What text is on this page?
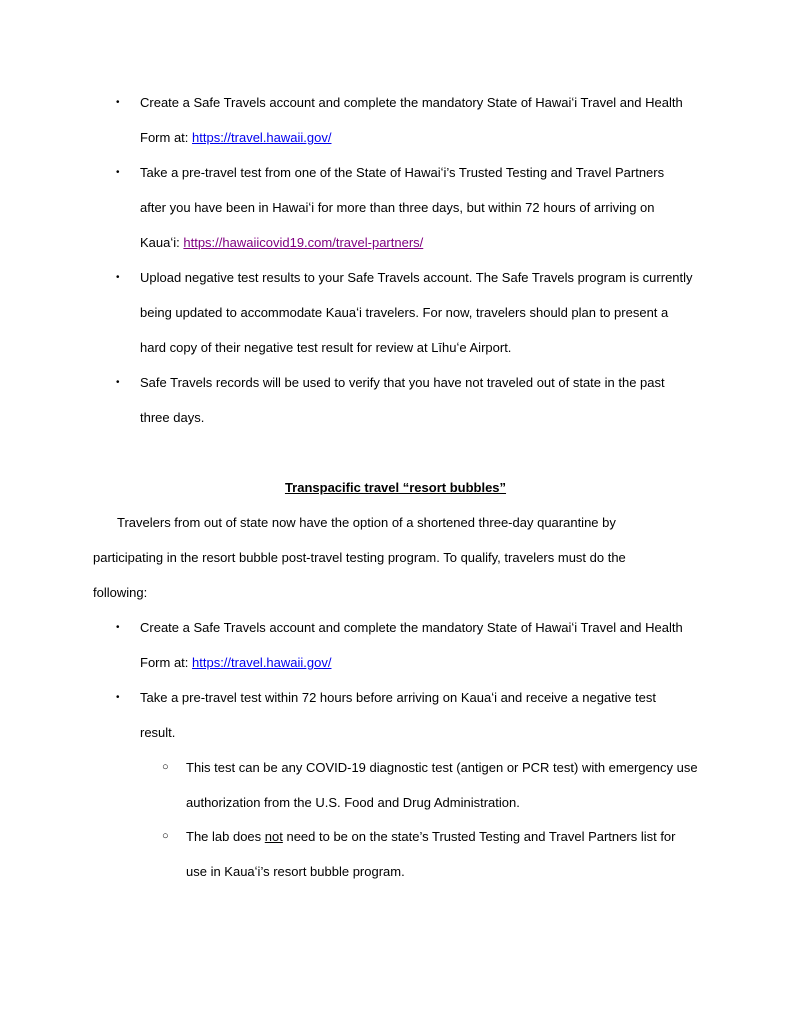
• Create a Safe Travels account and complete the mandatory State of Hawaiʻi Travel and Health
Form at: https://travel.hawaii.gov/
• Take a pre-travel test from one of the State of Hawaiʻi’s Trusted Testing and Travel Partners
after you have been in Hawaiʻi for more than three days, but within 72 hours of arriving on
Kauaʻi: https://hawaiicovid19.com/travel-partners/
• Upload negative test results to your Safe Travels account. The Safe Travels program is currently
being updated to accommodate Kauaʻi travelers. For now, travelers should plan to present a
hard copy of their negative test result for review at Līhuʻe Airport.
• Safe Travels records will be used to verify that you have not traveled out of state in the past
three days.
Transpacific travel “resort bubbles”
Travelers from out of state now have the option of a shortened three-day quarantine by
participating in the resort bubble post-travel testing program. To qualify, travelers must do the
following:
• Create a Safe Travels account and complete the mandatory State of Hawaiʻi Travel and Health
Form at: https://travel.hawaii.gov/
• Take a pre-travel test within 72 hours before arriving on Kauaʻi and receive a negative test
result.
○ This test can be any COVID-19 diagnostic test (antigen or PCR test) with emergency use
authorization from the U.S. Food and Drug Administration.
○ The lab does not need to be on the state’s Trusted Testing and Travel Partners list for
use in Kauaʻi’s resort bubble program.
